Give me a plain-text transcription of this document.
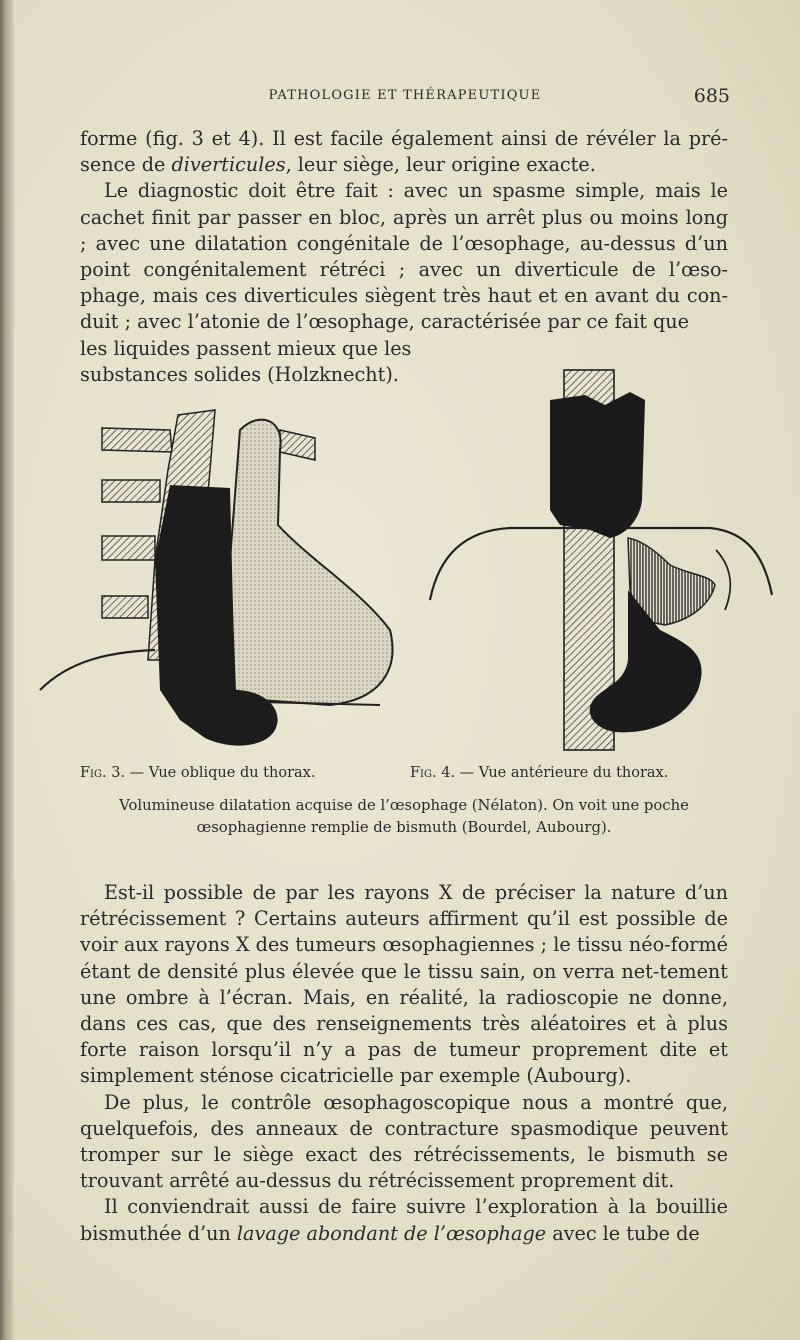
PATHOLOGIE ET THÉRAPEUTIQUE	685

forme (fig. 3 et 4). Il est facile également ainsi de révéler la pré-sence de diverticules, leur siège, leur origine exacte.

Le diagnostic doit être fait : avec un spasme simple, mais le cachet finit par passer en bloc, après un arrêt plus ou moins long ; avec une dilatation congénitale de l’œsophage, au-dessus d’un point congénitalement rétréci ; avec un diverticule de l’œso-phage, mais ces diverticules siègent très haut et en avant du con-duit ; avec l’atonie de l’œsophage, caractérisée par ce fait que

les liquides passent mieux que les

substances solides (Holzknecht).

Fig. 3. — Vue oblique du thorax.	Fig. 4. — Vue antérieure du thorax.
Volumineuse dilatation acquise de l’œsophage (Nélaton). On voit une poche œsophagienne remplie de bismuth (Bourdel, Aubourg).

Est-il possible de par les rayons X de préciser la nature d’un rétrécissement ? Certains auteurs affirment qu’il est possible de voir aux rayons X des tumeurs œsophagiennes ; le tissu néo-formé étant de densité plus élevée que le tissu sain, on verra net-tement une ombre à l’écran. Mais, en réalité, la radioscopie ne donne, dans ces cas, que des renseignements très aléatoires et à plus forte raison lorsqu’il n’y a pas de tumeur proprement dite et simplement sténose cicatricielle par exemple (Aubourg).

De plus, le contrôle œsophagoscopique nous a montré que, quelquefois, des anneaux de contracture spasmodique peuvent tromper sur le siège exact des rétrécissements, le bismuth se trouvant arrêté au-dessus du rétrécissement proprement dit.

Il conviendrait aussi de faire suivre l’exploration à la bouillie bismuthée d’un lavage abondant de l’œsophage avec le tube de
